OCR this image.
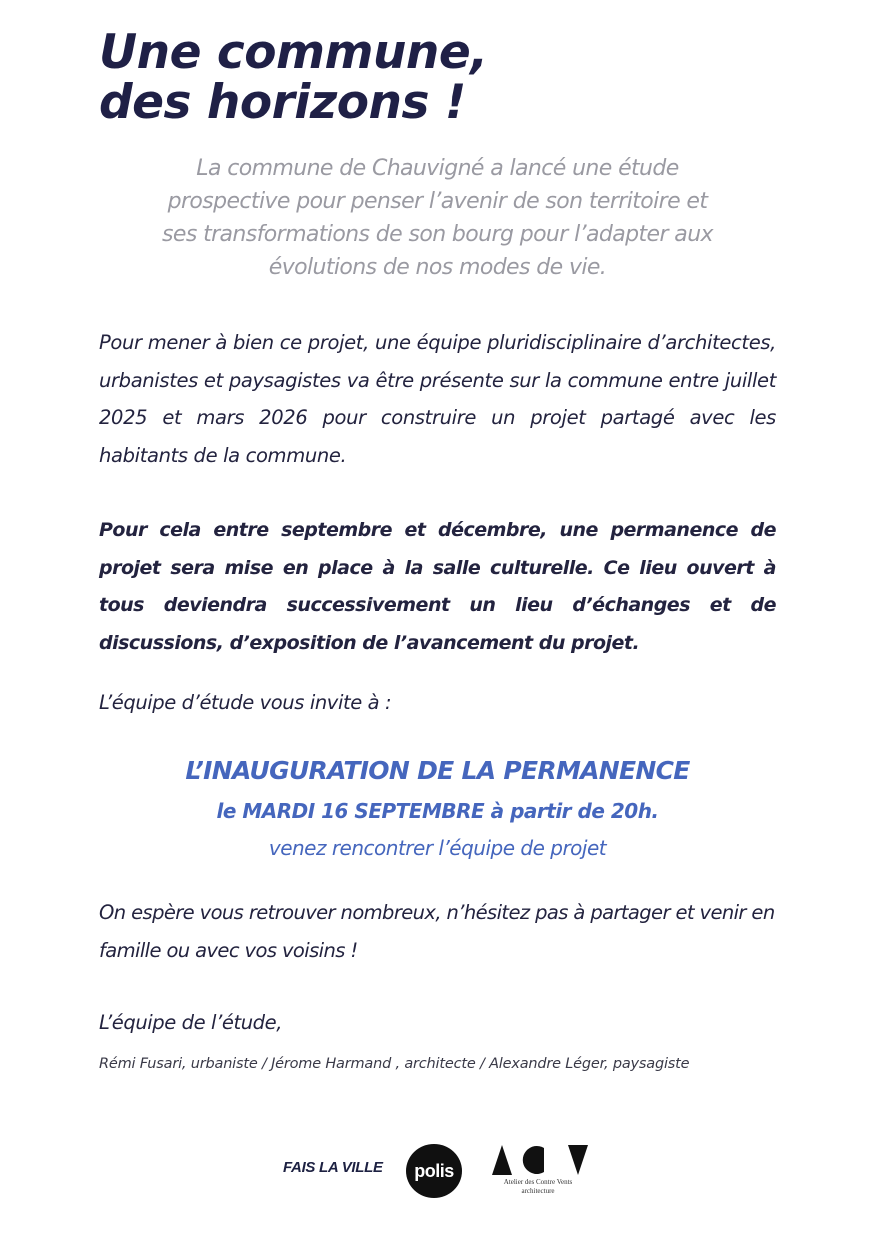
Une commune,
des horizons !

La commune de Chauvigné a lancé une étude
prospective pour penser l’avenir de son territoire et
ses transformations de son bourg pour l’adapter aux
évolutions de nos modes de vie.

Pour mener à bien ce projet, une équipe pluridisciplinaire d’architectes, urbanistes et paysagistes va être présente sur la commune entre juillet 2025 et mars 2026 pour construire un projet partagé avec les habitants de la commune.

Pour cela entre septembre et décembre, une permanence de projet sera mise en place à la salle culturelle. Ce lieu ouvert à tous deviendra successivement un lieu d’échanges et de discussions, d’exposition de l’avancement du projet.

L’équipe d’étude vous invite à :

L’INAUGURATION DE LA PERMANENCE

le MARDI 16 SEPTEMBRE à partir de 20h.

venez rencontrer l’équipe de projet

On espère vous retrouver nombreux, n’hésitez pas à partager et venir en famille ou avec vos voisins !

L’équipe de l’étude,

Rémi Fusari, urbaniste / Jérome Harmand , architecte / Alexandre Léger, paysagiste

FAIS LA VILLE polis
Atelier des Contre Vents
architecture
